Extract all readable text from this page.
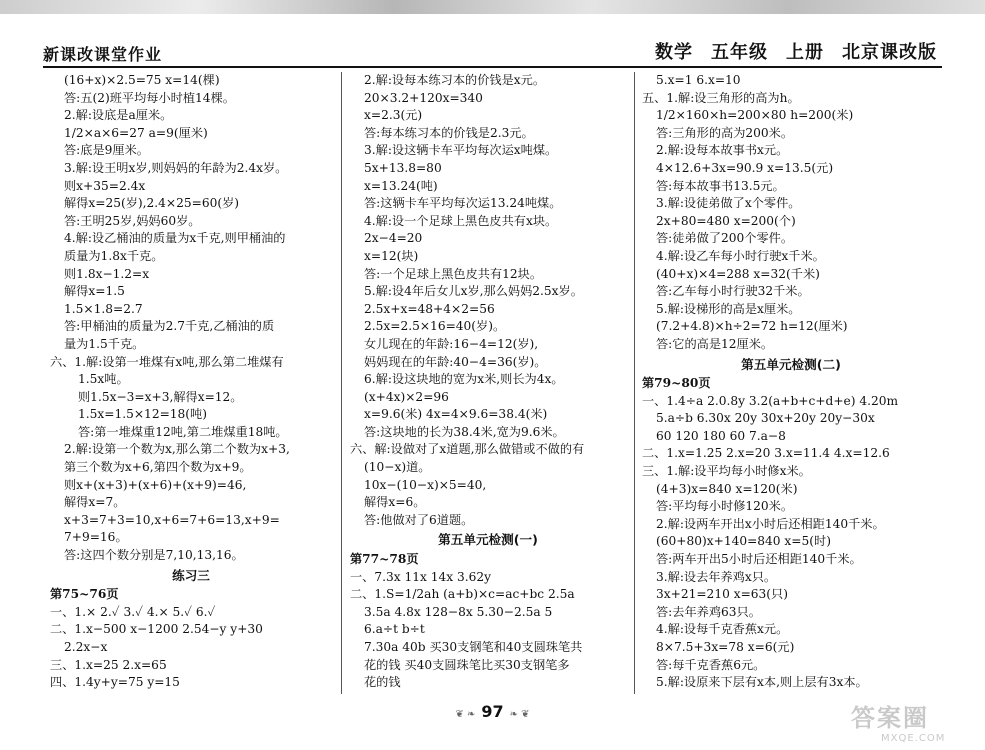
新课改课堂作业	数学 五年级 上册 北京课改版
(16+x)×2.5=75 x=14(棵)
答:五(2)班平均每小时植14棵。
2.解:设底是a厘米。
1/2×a×6=27 a=9(厘米)
答:底是9厘米。
3.解:设王明x岁,则妈妈的年龄为2.4x岁。
则x+35=2.4x
解得x=25(岁),2.4×25=60(岁)
答:王明25岁,妈妈60岁。
4.解:设乙桶油的质量为x千克,则甲桶油的
质量为1.8x千克。
则1.8x−1.2=x
解得x=1.5
1.5×1.8=2.7
答:甲桶油的质量为2.7千克,乙桶油的质
量为1.5千克。
六、1.解:设第一堆煤有x吨,那么第二堆煤有
1.5x吨。
则1.5x−3=x+3,解得x=12。
1.5x=1.5×12=18(吨)
答:第一堆煤重12吨,第二堆煤重18吨。
2.解:设第一个数为x,那么第二个数为x+3,
第三个数为x+6,第四个数为x+9。
则x+(x+3)+(x+6)+(x+9)=46,
解得x=7。
x+3=7+3=10,x+6=7+6=13,x+9=
7+9=16。
答:这四个数分别是7,10,13,16。
练习三
第75~76页
一、1.× 2.✓ 3.✓ 4.× 5.✓ 6.✓
二、1.x−500 x−1200 2.54−y y+30
2.2x−x
三、1.x=25 2.x=65
四、1.4y+y=75 y=15
2.解:设每本练习本的价钱是x元。
20×3.2+120x=340
x=2.3(元)
答:每本练习本的价钱是2.3元。
3.解:设这辆卡车平均每次运x吨煤。
5x+13.8=80
x=13.24(吨)
答:这辆卡车平均每次运13.24吨煤。
4.解:设一个足球上黑色皮共有x块。
2x−4=20
x=12(块)
答:一个足球上黑色皮共有12块。
5.解:设4年后女儿x岁,那么妈妈2.5x岁。
2.5x+x=48+4×2=56
2.5x=2.5×16=40(岁)。
女儿现在的年龄:16−4=12(岁),
妈妈现在的年龄:40−4=36(岁)。
6.解:设这块地的宽为x米,则长为4x。
(x+4x)×2=96
x=9.6(米) 4x=4×9.6=38.4(米)
答:这块地的长为38.4米,宽为9.6米。
六、解:设做对了x道题,那么做错或不做的有
(10−x)道。
10x−(10−x)×5=40,
解得x=6。
答:他做对了6道题。
第五单元检测(一)
第77~78页
一、7.3x 11x 14x 3.62y
二、1.S=1/2ah (a+b)×c=ac+bc 2.5a
3.5a 4.8x 128−8x 5.30−2.5a 5
6.a÷t b÷t
7.30a 40b 买30支钢笔和40支圆珠笔共
花的钱 买40支圆珠笔比买30支钢笔多
花的钱
5.x=1 6.x=10
五、1.解:设三角形的高为h。
1/2×160×h=200×80 h=200(米)
答:三角形的高为200米。
2.解:设每本故事书x元。
4×12.6+3x=90.9 x=13.5(元)
答:每本故事书13.5元。
3.解:设徒弟做了x个零件。
2x+80=480 x=200(个)
答:徒弟做了200个零件。
4.解:设乙车每小时行驶x千米。
(40+x)×4=288 x=32(千米)
答:乙车每小时行驶32千米。
5.解:设梯形的高是x厘米。
(7.2+4.8)×h÷2=72 h=12(厘米)
答:它的高是12厘米。
第五单元检测(二)
第79~80页
一、1.4÷a 2.0.8y 3.2(a+b+c+d+e) 4.20m
5.a÷b 6.30x 20y 30x+20y 20y−30x
60 120 180 60 7.a−8
二、1.x=1.25 2.x=20 3.x=11.4 4.x=12.6
三、1.解:设平均每小时修x米。
(4+3)x=840 x=120(米)
答:平均每小时修120米。
2.解:设两车开出x小时后还相距140千米。
(60+80)x+140=840 x=5(时)
答:两车开出5小时后还相距140千米。
3.解:设去年养鸡x只。
3x+21=210 x=63(只)
答:去年养鸡63只。
4.解:设每千克香蕉x元。
8×7.5+3x=78 x=6(元)
答:每千克香蕉6元。
5.解:设原来下层有x本,则上层有3x本。
❦ ❧ 97 ❧ ❦	答案圈
MXQE.COM
